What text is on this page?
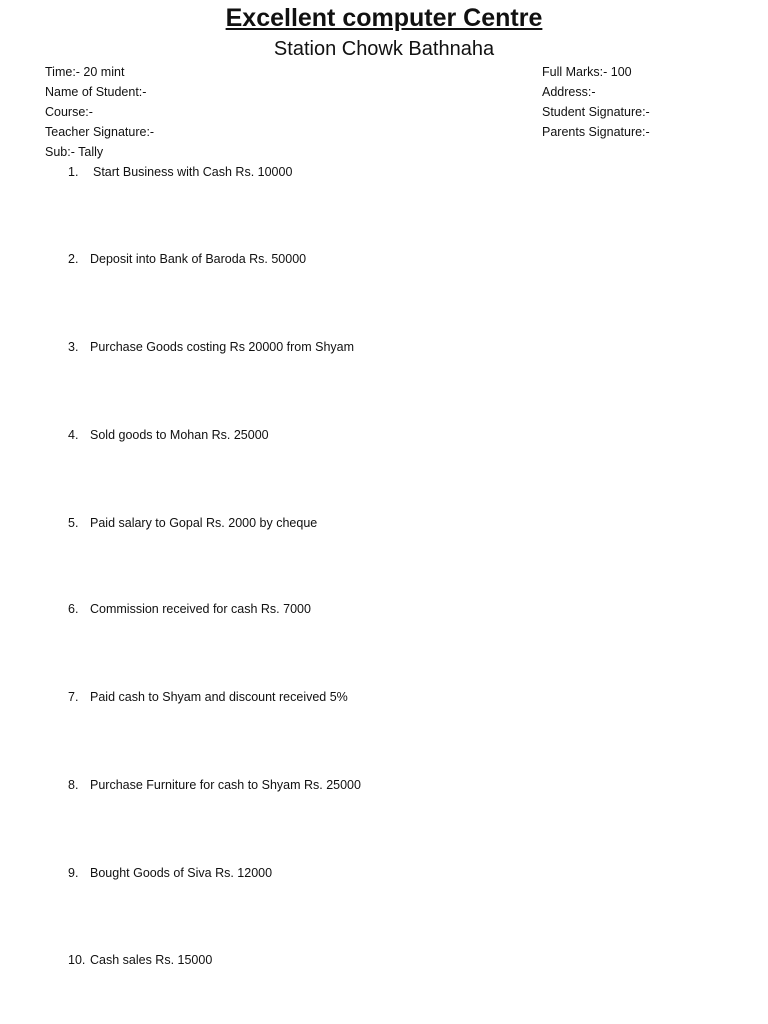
Excellent computer Centre
Station Chowk Bathnaha
Time:- 20 mint
Name of Student:-
Course:-
Teacher Signature:-
Sub:- Tally
Full Marks:- 100
Address:-
Student Signature:-
Parents Signature:-
1. Start Business with Cash Rs. 10000
2. Deposit into Bank of Baroda Rs. 50000
3. Purchase Goods costing Rs 20000 from Shyam
4. Sold goods to Mohan Rs. 25000
5. Paid salary to Gopal Rs. 2000 by cheque
6. Commission received for cash Rs. 7000
7. Paid cash to Shyam and discount received 5%
8. Purchase Furniture for cash to Shyam Rs. 25000
9. Bought Goods of Siva Rs. 12000
10. Cash sales Rs. 15000
